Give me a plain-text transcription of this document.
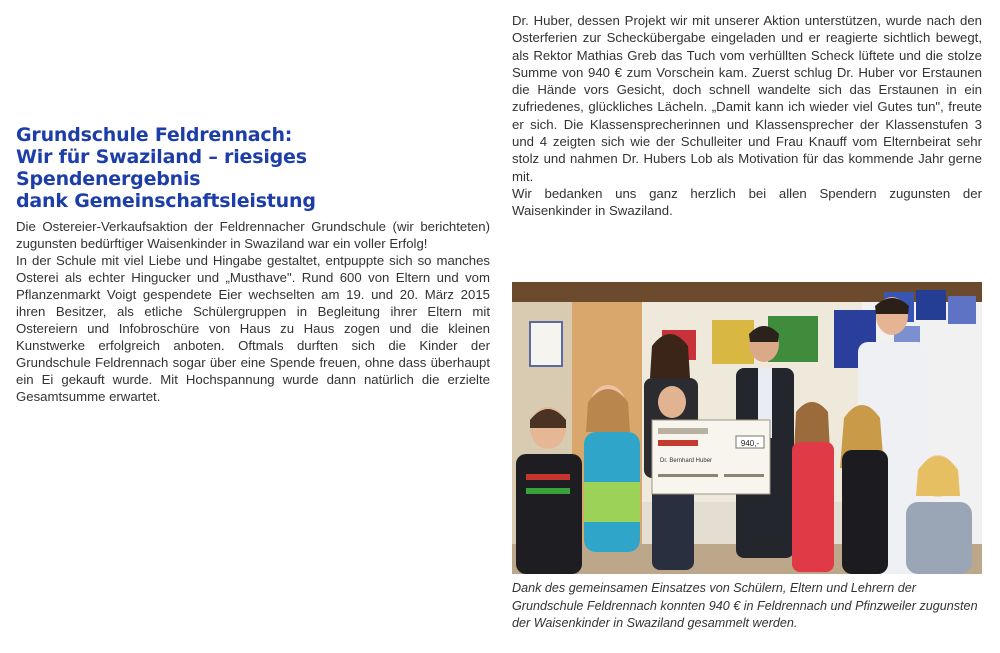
Grundschule Feldrennach:
Wir für Swaziland – riesiges Spendenergebnis
dank Gemeinschaftsleistung

Die Ostereier-Verkaufsaktion der Feldrennacher Grundschule (wir berichteten) zugunsten bedürftiger Waisenkinder in Swaziland war ein voller Erfolg!

In der Schule mit viel Liebe und Hingabe gestaltet, entpuppte sich so manches Osterei als echter Hingucker und „Musthave". Rund 600 von Eltern und vom Pflanzenmarkt Voigt gespendete Eier wechselten am 19. und 20. März 2015 ihren Besitzer, als etliche Schülergruppen in Begleitung ihrer Eltern mit Ostereiern und Infobroschüre von Haus zu Haus zogen und die kleinen Kunstwerke erfolgreich anboten. Oftmals durften sich die Kinder der Grundschule Feldrennach sogar über eine Spende freuen, ohne dass überhaupt ein Ei gekauft wurde. Mit Hochspannung wurde dann natürlich die erzielte Gesamtsumme erwartet.

Dr. Huber, dessen Projekt wir mit unserer Aktion unterstützen, wurde nach den Osterferien zur Scheckübergabe eingeladen und er reagierte sichtlich bewegt, als Rektor Mathias Greb das Tuch vom verhüllten Scheck lüftete und die stolze Summe von 940 € zum Vorschein kam. Zuerst schlug Dr. Huber vor Erstaunen die Hände vors Gesicht, doch schnell wandelte sich das Erstaunen in ein zufriedenes, glückliches Lächeln. „Damit kann ich wieder viel Gutes tun", freute er sich. Die Klassensprecherinnen und Klassensprecher der Klassenstufen 3 und 4 zeigten sich wie der Schulleiter und Frau Knauff vom Elternbeirat sehr stolz und nahmen Dr. Hubers Lob als Motivation für das kommende Jahr gerne mit.

Wir bedanken uns ganz herzlich bei allen Spendern zugunsten der Waisenkinder in Swaziland.

940,-
Dr. Bernhard Huber

Dank des gemeinsamen Einsatzes von Schülern, Eltern und Lehrern der Grundschule Feldrennach konnten 940 € in Feldrennach und Pfinzweiler zugunsten der Waisenkinder in Swaziland gesammelt werden.
